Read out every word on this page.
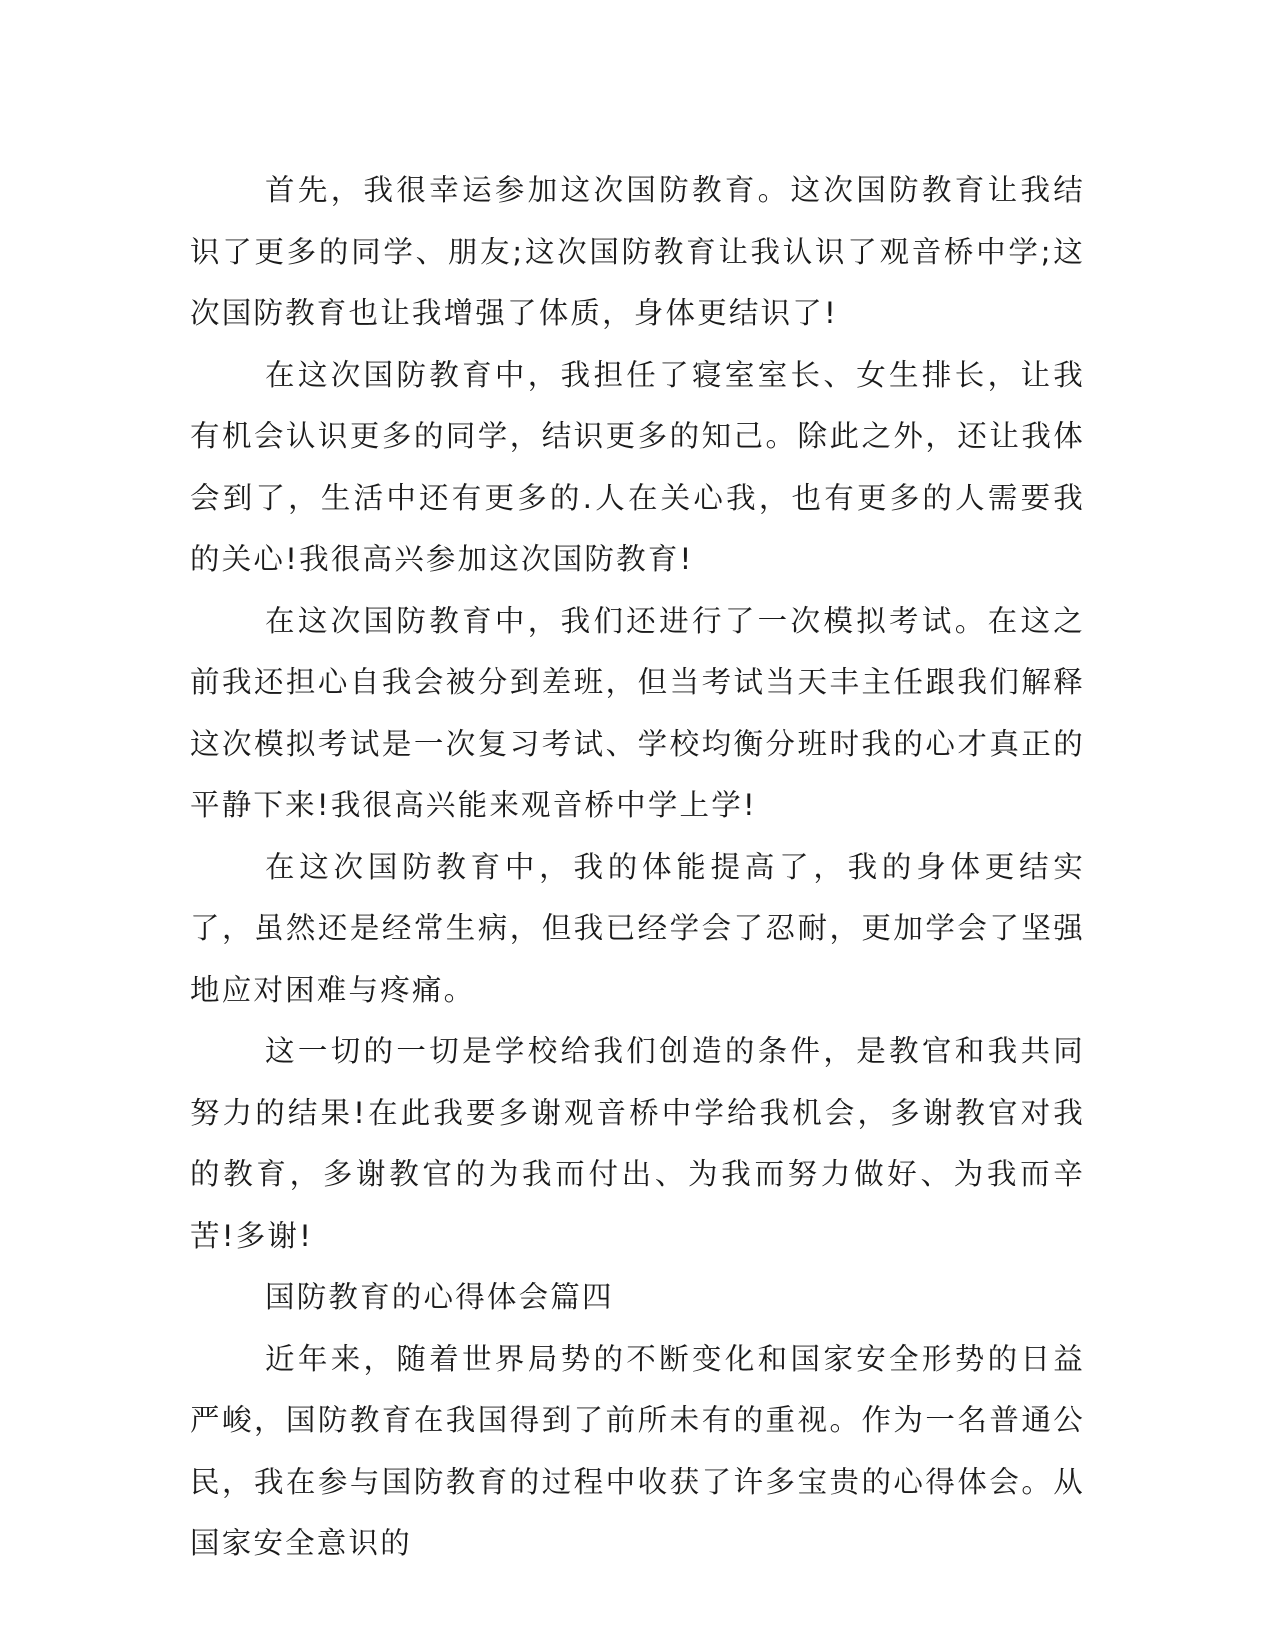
首先，我很幸运参加这次国防教育。这次国防教育让我结识了更多的同学、朋友;这次国防教育让我认识了观音桥中学;这次国防教育也让我增强了体质，身体更结识了!

在这次国防教育中，我担任了寝室室长、女生排长，让我有机会认识更多的同学，结识更多的知己。除此之外，还让我体会到了，生活中还有更多的.人在关心我，也有更多的人需要我的关心!我很高兴参加这次国防教育!

在这次国防教育中，我们还进行了一次模拟考试。在这之前我还担心自我会被分到差班，但当考试当天丰主任跟我们解释这次模拟考试是一次复习考试、学校均衡分班时我的心才真正的平静下来!我很高兴能来观音桥中学上学!

在这次国防教育中，我的体能提高了，我的身体更结实了，虽然还是经常生病，但我已经学会了忍耐，更加学会了坚强地应对困难与疼痛。

这一切的一切是学校给我们创造的条件，是教官和我共同努力的结果!在此我要多谢观音桥中学给我机会，多谢教官对我的教育，多谢教官的为我而付出、为我而努力做好、为我而辛苦!多谢!

国防教育的心得体会篇四

近年来，随着世界局势的不断变化和国家安全形势的日益严峻，国防教育在我国得到了前所未有的重视。作为一名普通公民，我在参与国防教育的过程中收获了许多宝贵的心得体会。从国家安全意识的
